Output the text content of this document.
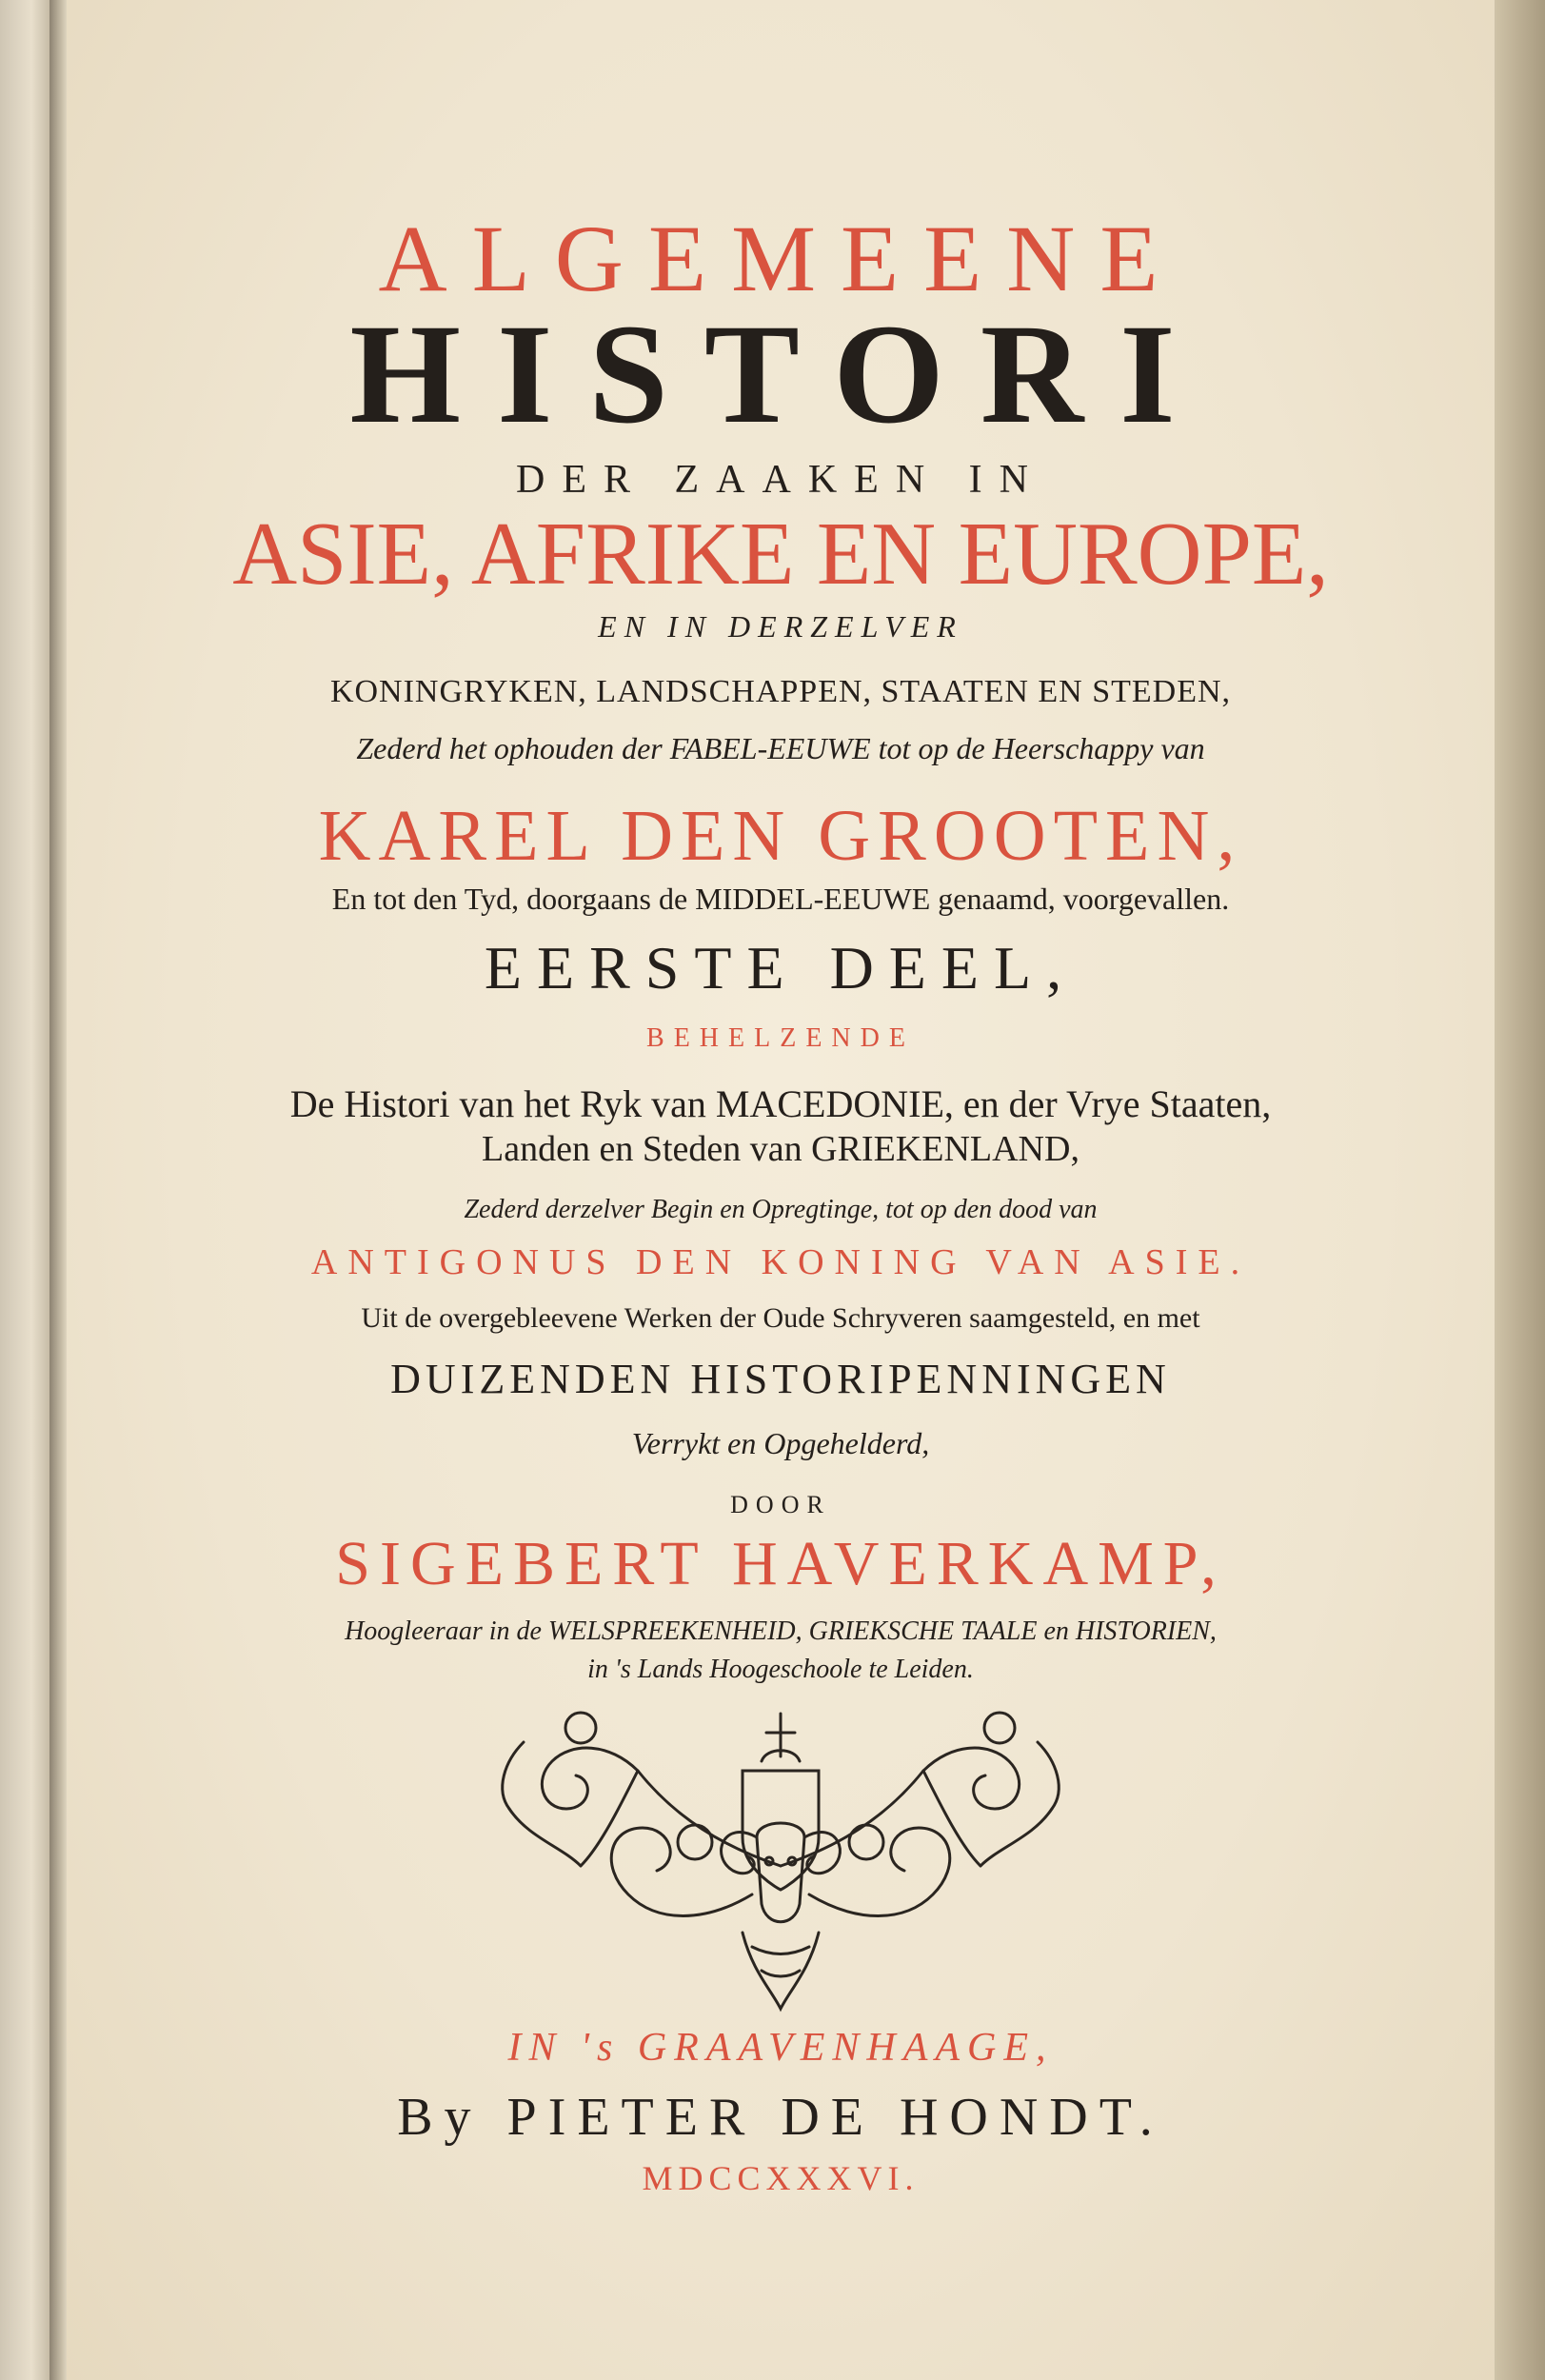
ALGEMEENE
HISTORI
DER ZAAKEN IN
ASIE, AFRIKE EN EUROPE,
EN IN DERZELVER
KONINGRYKEN, LANDSCHAPPEN, STAATEN EN STEDEN,
Zederd het ophouden der FABEL-EEUWE tot op de Heerschappy van
KAREL DEN GROOTEN,
En tot den Tyd, doorgaans de MIDDEL-EEUWE genaamd, voorgevallen.
EERSTE DEEL,
BEHELZENDE
De Histori van het Ryk van MACEDONIE, en der Vrye Staaten,
Landen en Steden van GRIEKENLAND,
Zederd derzelver Begin en Opregtinge, tot op den dood van
ANTIGONUS DEN KONING VAN ASIE.
Uit de overgebleevene Werken der Oude Schryveren saamgesteld, en met
DUIZENDEN HISTORIPENNINGEN
Verrykt en Opgehelderd,
DOOR
SIGEBERT HAVERKAMP,
Hoogleeraar in de WELSPREEKENHEID, GRIEKSCHE TAALE en HISTORIEN,
in 's Lands Hoogeschoole te Leiden.
IN 's GRAAVENHAAGE,
By PIETER DE HONDT.
MDCCXXXVI.
